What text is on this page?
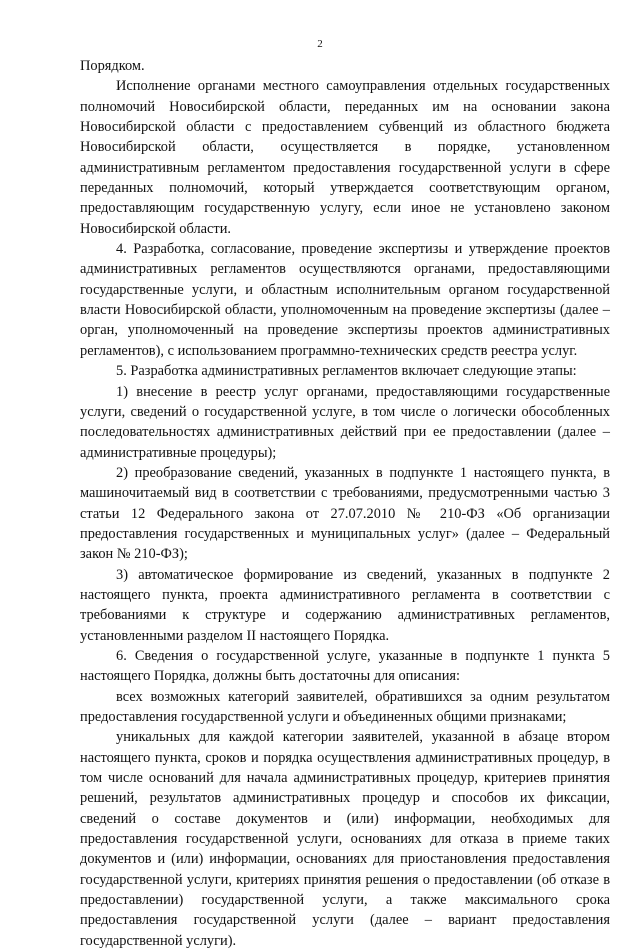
2

Порядком.

Исполнение органами местного самоуправления отдельных государственных полномочий Новосибирской области, переданных им на основании закона Новосибирской области с предоставлением субвенций из областного бюджета Новосибирской области, осуществляется в порядке, установленном административным регламентом предоставления государственной услуги в сфере переданных полномочий, который утверждается соответствующим органом, предоставляющим государственную услугу, если иное не установлено законом Новосибирской области.

4. Разработка, согласование, проведение экспертизы и утверждение проектов административных регламентов осуществляются органами, предоставляющими государственные услуги, и областным исполнительным органом государственной власти Новосибирской области, уполномоченным на проведение экспертизы (далее – орган, уполномоченный на проведение экспертизы проектов административных регламентов), с использованием программно-технических средств реестра услуг.

5. Разработка административных регламентов включает следующие этапы:

1) внесение в реестр услуг органами, предоставляющими государственные услуги, сведений о государственной услуге, в том числе о логически обособленных последовательностях административных действий при ее предоставлении (далее – административные процедуры);

2) преобразование сведений, указанных в подпункте 1 настоящего пункта, в машиночитаемый вид в соответствии с требованиями, предусмотренными частью 3 статьи 12 Федерального закона от 27.07.2010 № 210-ФЗ «Об организации предоставления государственных и муниципальных услуг» (далее – Федеральный закон № 210-ФЗ);

3) автоматическое формирование из сведений, указанных в подпункте 2 настоящего пункта, проекта административного регламента в соответствии с требованиями к структуре и содержанию административных регламентов, установленными разделом II настоящего Порядка.

6. Сведения о государственной услуге, указанные в подпункте 1 пункта 5 настоящего Порядка, должны быть достаточны для описания:

всех возможных категорий заявителей, обратившихся за одним результатом предоставления государственной услуги и объединенных общими признаками;

уникальных для каждой категории заявителей, указанной в абзаце втором настоящего пункта, сроков и порядка осуществления административных процедур, в том числе оснований для начала административных процедур, критериев принятия решений, результатов административных процедур и способов их фиксации, сведений о составе документов и (или) информации, необходимых для предоставления государственной услуги, основаниях для отказа в приеме таких документов и (или) информации, основаниях для приостановления предоставления государственной услуги, критериях принятия решения о предоставлении (об отказе в предоставлении) государственной услуги, а также максимального срока предоставления государственной услуги (далее – вариант предоставления государственной услуги).
